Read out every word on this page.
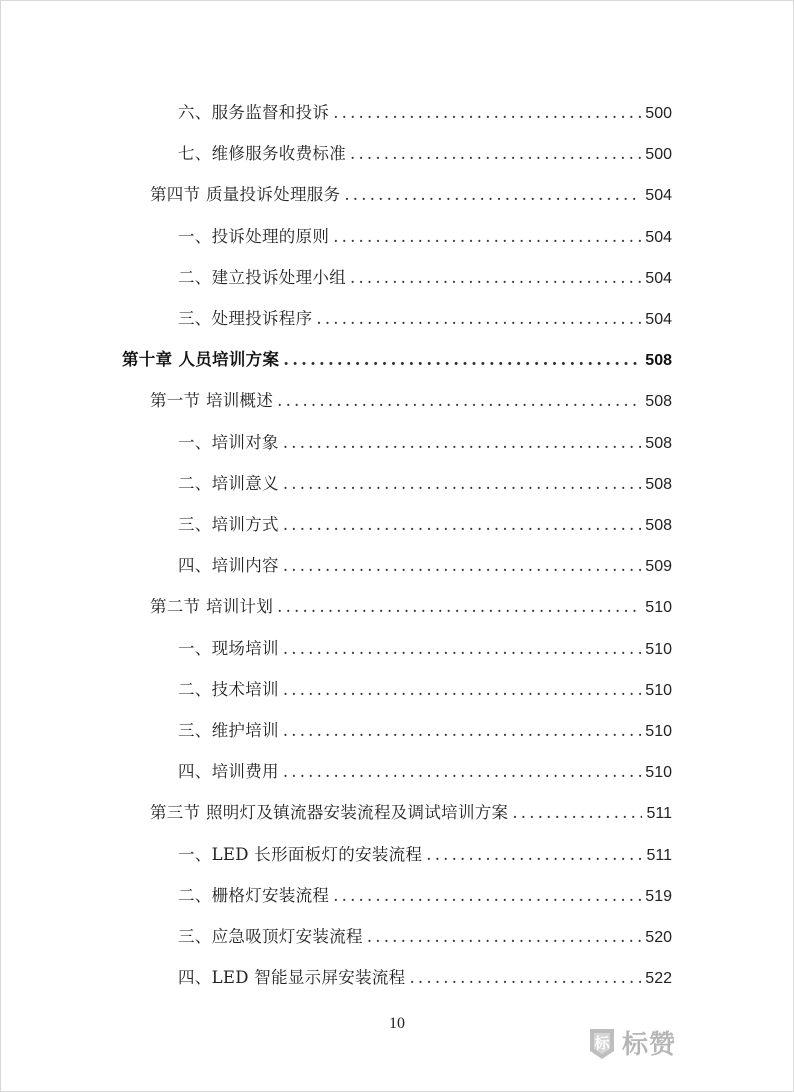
六、服务监督和投诉 .....	500
七、维修服务收费标准 .....	500
第四节 质量投诉处理服务 .....	504
一、投诉处理的原则 .....	504
二、建立投诉处理小组 .....	504
三、处理投诉程序 .....	504
第十章 人员培训方案 .....	508
第一节 培训概述 .....	508
一、培训对象 .....	508
二、培训意义 .....	508
三、培训方式 .....	508
四、培训内容 .....	509
第二节 培训计划 .....	510
一、现场培训 .....	510
二、技术培训 .....	510
三、维护培训 .....	510
四、培训费用 .....	510
第三节 照明灯及镇流器安装流程及调试培训方案 .....	511
一、LED 长形面板灯的安装流程 .....	511
二、栅格灯安装流程 .....	519
三、应急吸顶灯安装流程 .....	520
四、LED 智能显示屏安装流程 .....	522
10
标 标赞
